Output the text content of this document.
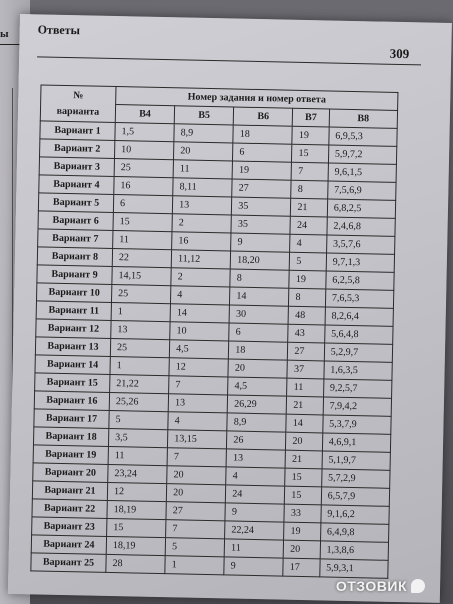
ы Ответы
309
№
варианта	Номер задания и номер ответа				
	В4	В5	В6	В7	В8
Вариант 1	1,5	8,9	18	19	6,9,5,3
Вариант 2	10	20	6	15	5,9,7,2
Вариант 3	25	11	19	7	9,6,1,5
Вариант 4	16	8,11	27	8	7,5,6,9
Вариант 5	6	13	35	21	6,8,2,5
Вариант 6	15	2	35	24	2,4,6,8
Вариант 7	11	16	9	4	3,5,7,6
Вариант 8	22	11,12	18,20	5	9,7,1,3
Вариант 9	14,15	2	8	19	6,2,5,8
Вариант 10	25	4	14	8	7,6,5,3
Вариант 11	1	14	30	48	8,2,6,4
Вариант 12	13	10	6	43	5,6,4,8
Вариант 13	25	4,5	18	27	5,2,9,7
Вариант 14	1	12	20	37	1,6,3,5
Вариант 15	21,22	7	4,5	11	9,2,5,7
Вариант 16	25,26	13	26,29	21	7,9,4,2
Вариант 17	5	4	8,9	14	5,3,7,9
Вариант 18	3,5	13,15	26	20	4,6,9,1
Вариант 19	11	7	13	21	5,1,9,7
Вариант 20	23,24	20	4	15	5,7,2,9
Вариант 21	12	20	24	15	6,5,7,9
Вариант 22	18,19	27	9	33	9,1,6,2
Вариант 23	15	7	22,24	19	6,4,9,8
Вариант 24	18,19	5	11	20	1,3,8,6
Вариант 25	28	1	9	17	5,9,3,1
ОТЗОВИК
